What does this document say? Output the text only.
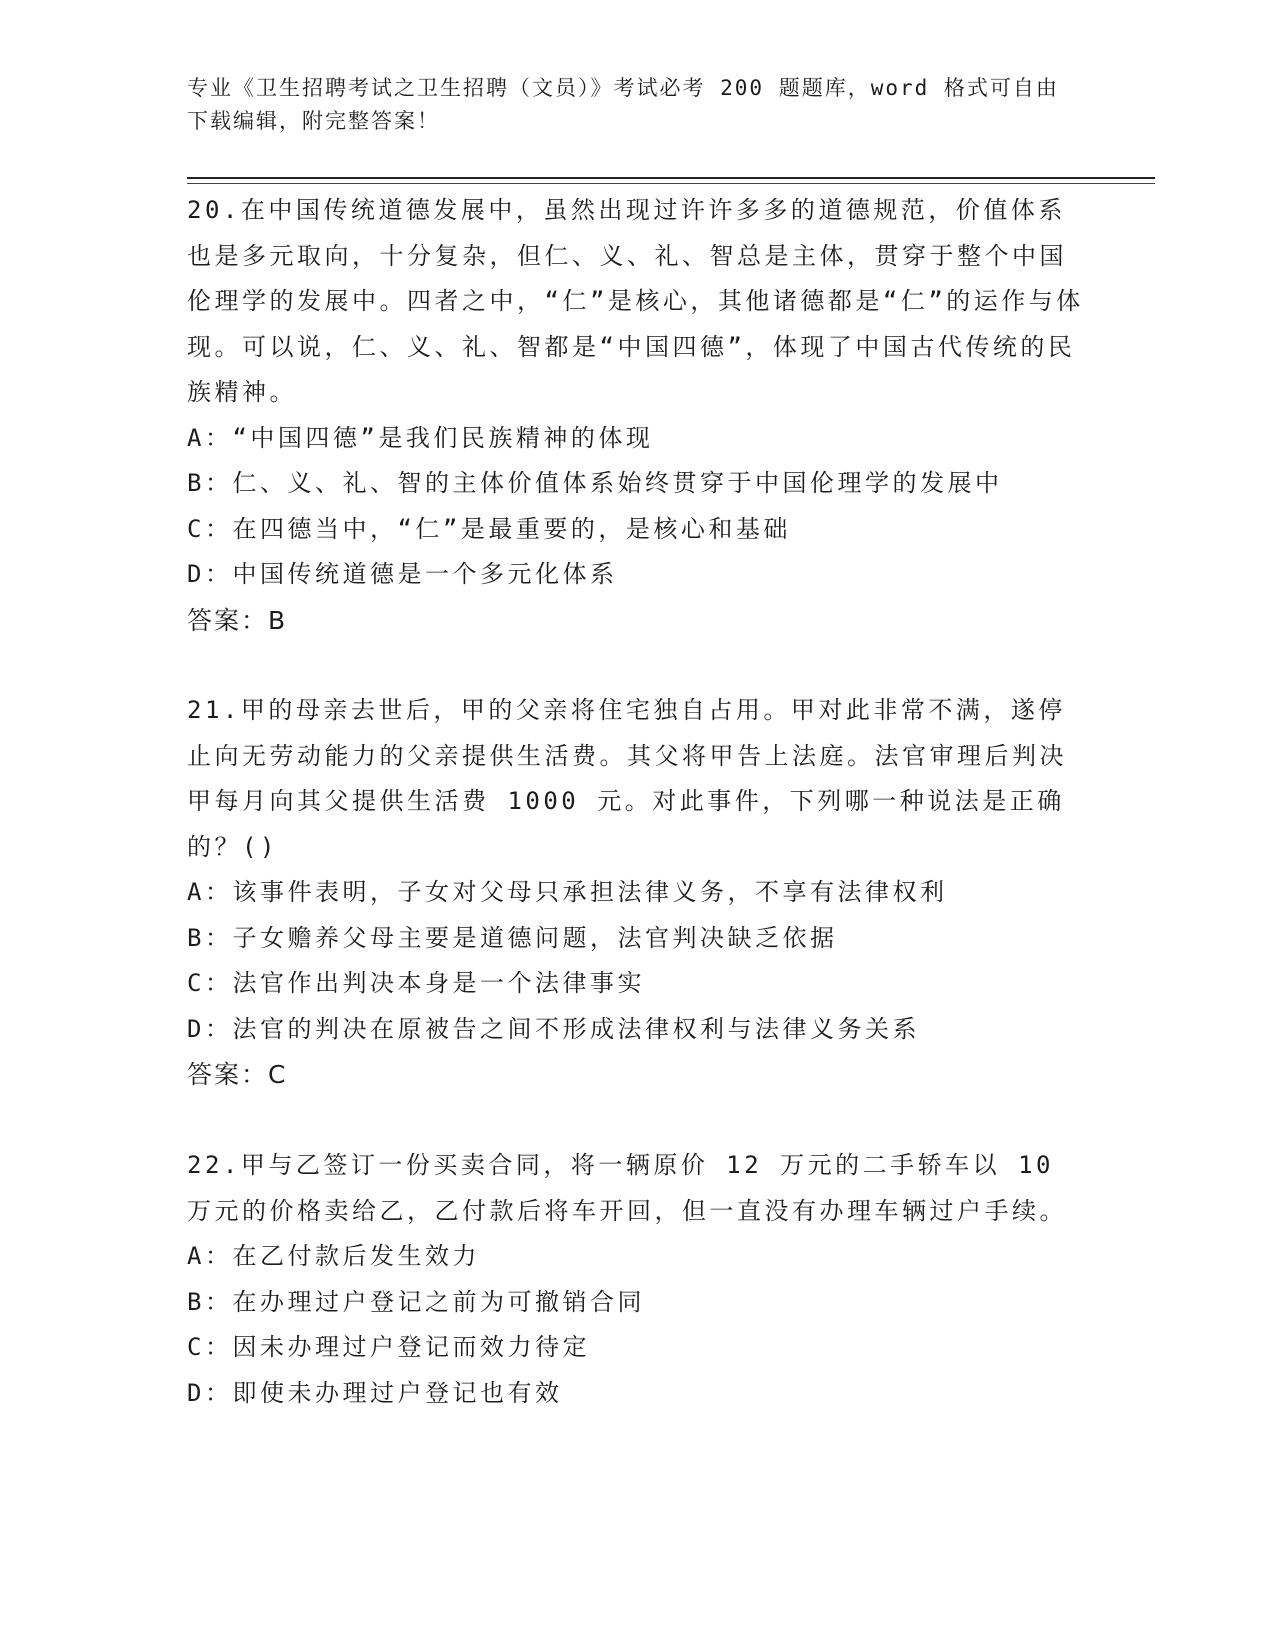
专业《卫生招聘考试之卫生招聘（文员）》考试必考 200 题题库，word 格式可自由下载编辑，附完整答案！

20.在中国传统道德发展中，虽然出现过许许多多的道德规范，价值体系也是多元取向，十分复杂，但仁、义、礼、智总是主体，贯穿于整个中国伦理学的发展中。四者之中，“仁”是核心，其他诸德都是“仁”的运作与体现。可以说，仁、义、礼、智都是“中国四德”，体现了中国古代传统的民族精神。

A：“中国四德”是我们民族精神的体现

B：仁、义、礼、智的主体价值体系始终贯穿于中国伦理学的发展中

C：在四德当中，“仁”是最重要的，是核心和基础

D：中国传统道德是一个多元化体系

答案：B

21.甲的母亲去世后，甲的父亲将住宅独自占用。甲对此非常不满，遂停止向无劳动能力的父亲提供生活费。其父将甲告上法庭。法官审理后判决甲每月向其父提供生活费 1000 元。对此事件，下列哪一种说法是正确的？()

A：该事件表明，子女对父母只承担法律义务，不享有法律权利

B：子女赡养父母主要是道德问题，法官判决缺乏依据

C：法官作出判决本身是一个法律事实

D：法官的判决在原被告之间不形成法律权利与法律义务关系

答案：C

22.甲与乙签订一份买卖合同，将一辆原价 12 万元的二手轿车以 10 万元的价格卖给乙，乙付款后将车开回，但一直没有办理车辆过户手续。

A：在乙付款后发生效力

B：在办理过户登记之前为可撤销合同

C：因未办理过户登记而效力待定

D：即使未办理过户登记也有效
